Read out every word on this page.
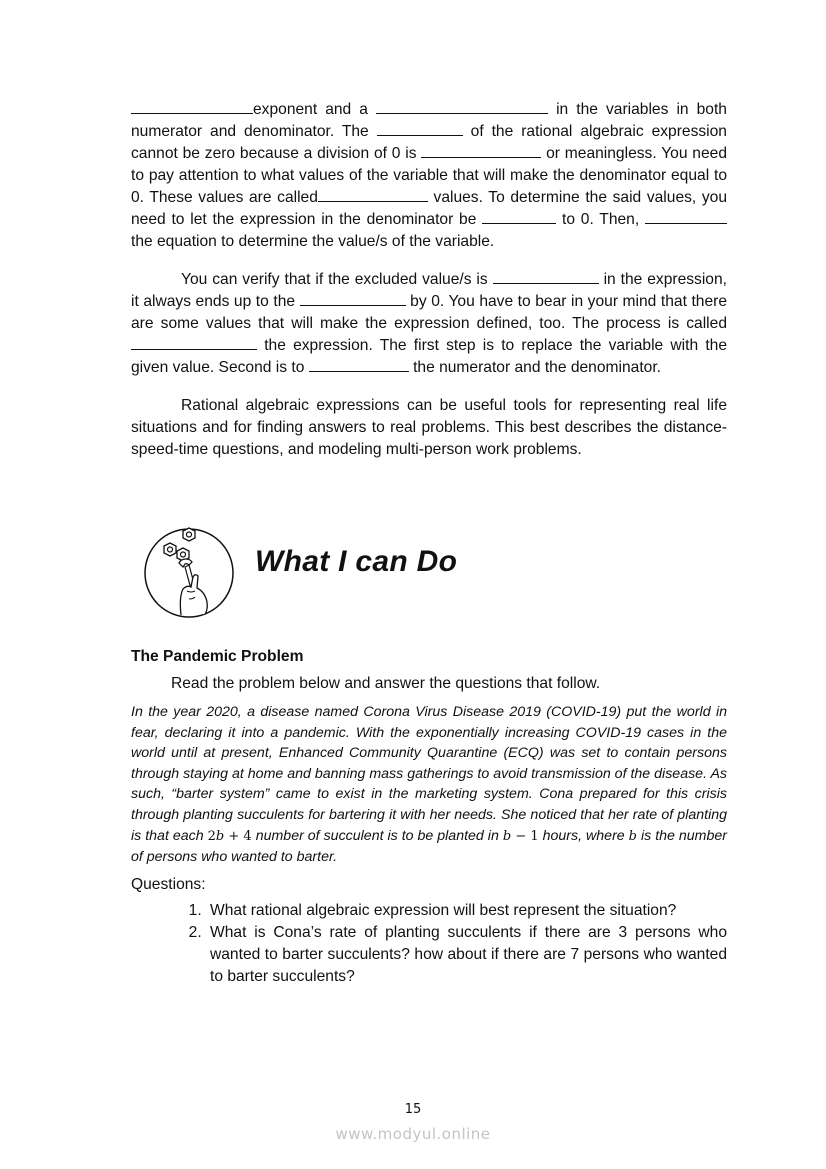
exponent and a	in the variables in both numerator and denominator. The	of the rational algebraic expression cannot be zero because a division of 0 is	or meaningless. You need to pay attention to what values of the variable that will make the denominator equal to 0. These values are called	values. To determine the said values, you need to let the expression in the denominator be	to 0. Then,  the equation to determine the value/s of the variable.

You can verify that if the excluded value/s is	in the expression, it always ends up to the	by 0. You have to bear in your mind that there are some values that will make the expression defined, too. The process is called  the expression. The first step is to replace the variable with the given value. Second is to	the numerator and the denominator.

Rational algebraic expressions can be useful tools for representing real life situations and for finding answers to real problems. This best describes the distance-speed-time questions, and modeling multi-person work problems.

What I can Do
The Pandemic Problem

Read the problem below and answer the questions that follow.

In the year 2020, a disease named Corona Virus Disease 2019 (COVID-19) put the world in fear, declaring it into a pandemic. With the exponentially increasing COVID-19 cases in the world until at present, Enhanced Community Quarantine (ECQ) was set to contain persons through staying at home and banning mass gatherings to avoid transmission of the disease. As such, “barter system” came to exist in the marketing system. Cona prepared for this crisis through planting succulents for bartering it with her needs. She noticed that her rate of planting is that each 2b + 4 number of succulent is to be planted in b − 1 hours, where b is the number of persons who wanted to barter.

Questions:

1. What rational algebraic expression will best represent the situation?
2. What is Cona’s rate of planting succulents if there are 3 persons who wanted to barter succulents? how about if there are 7 persons who wanted to barter succulents?
15
www.modyul.online
